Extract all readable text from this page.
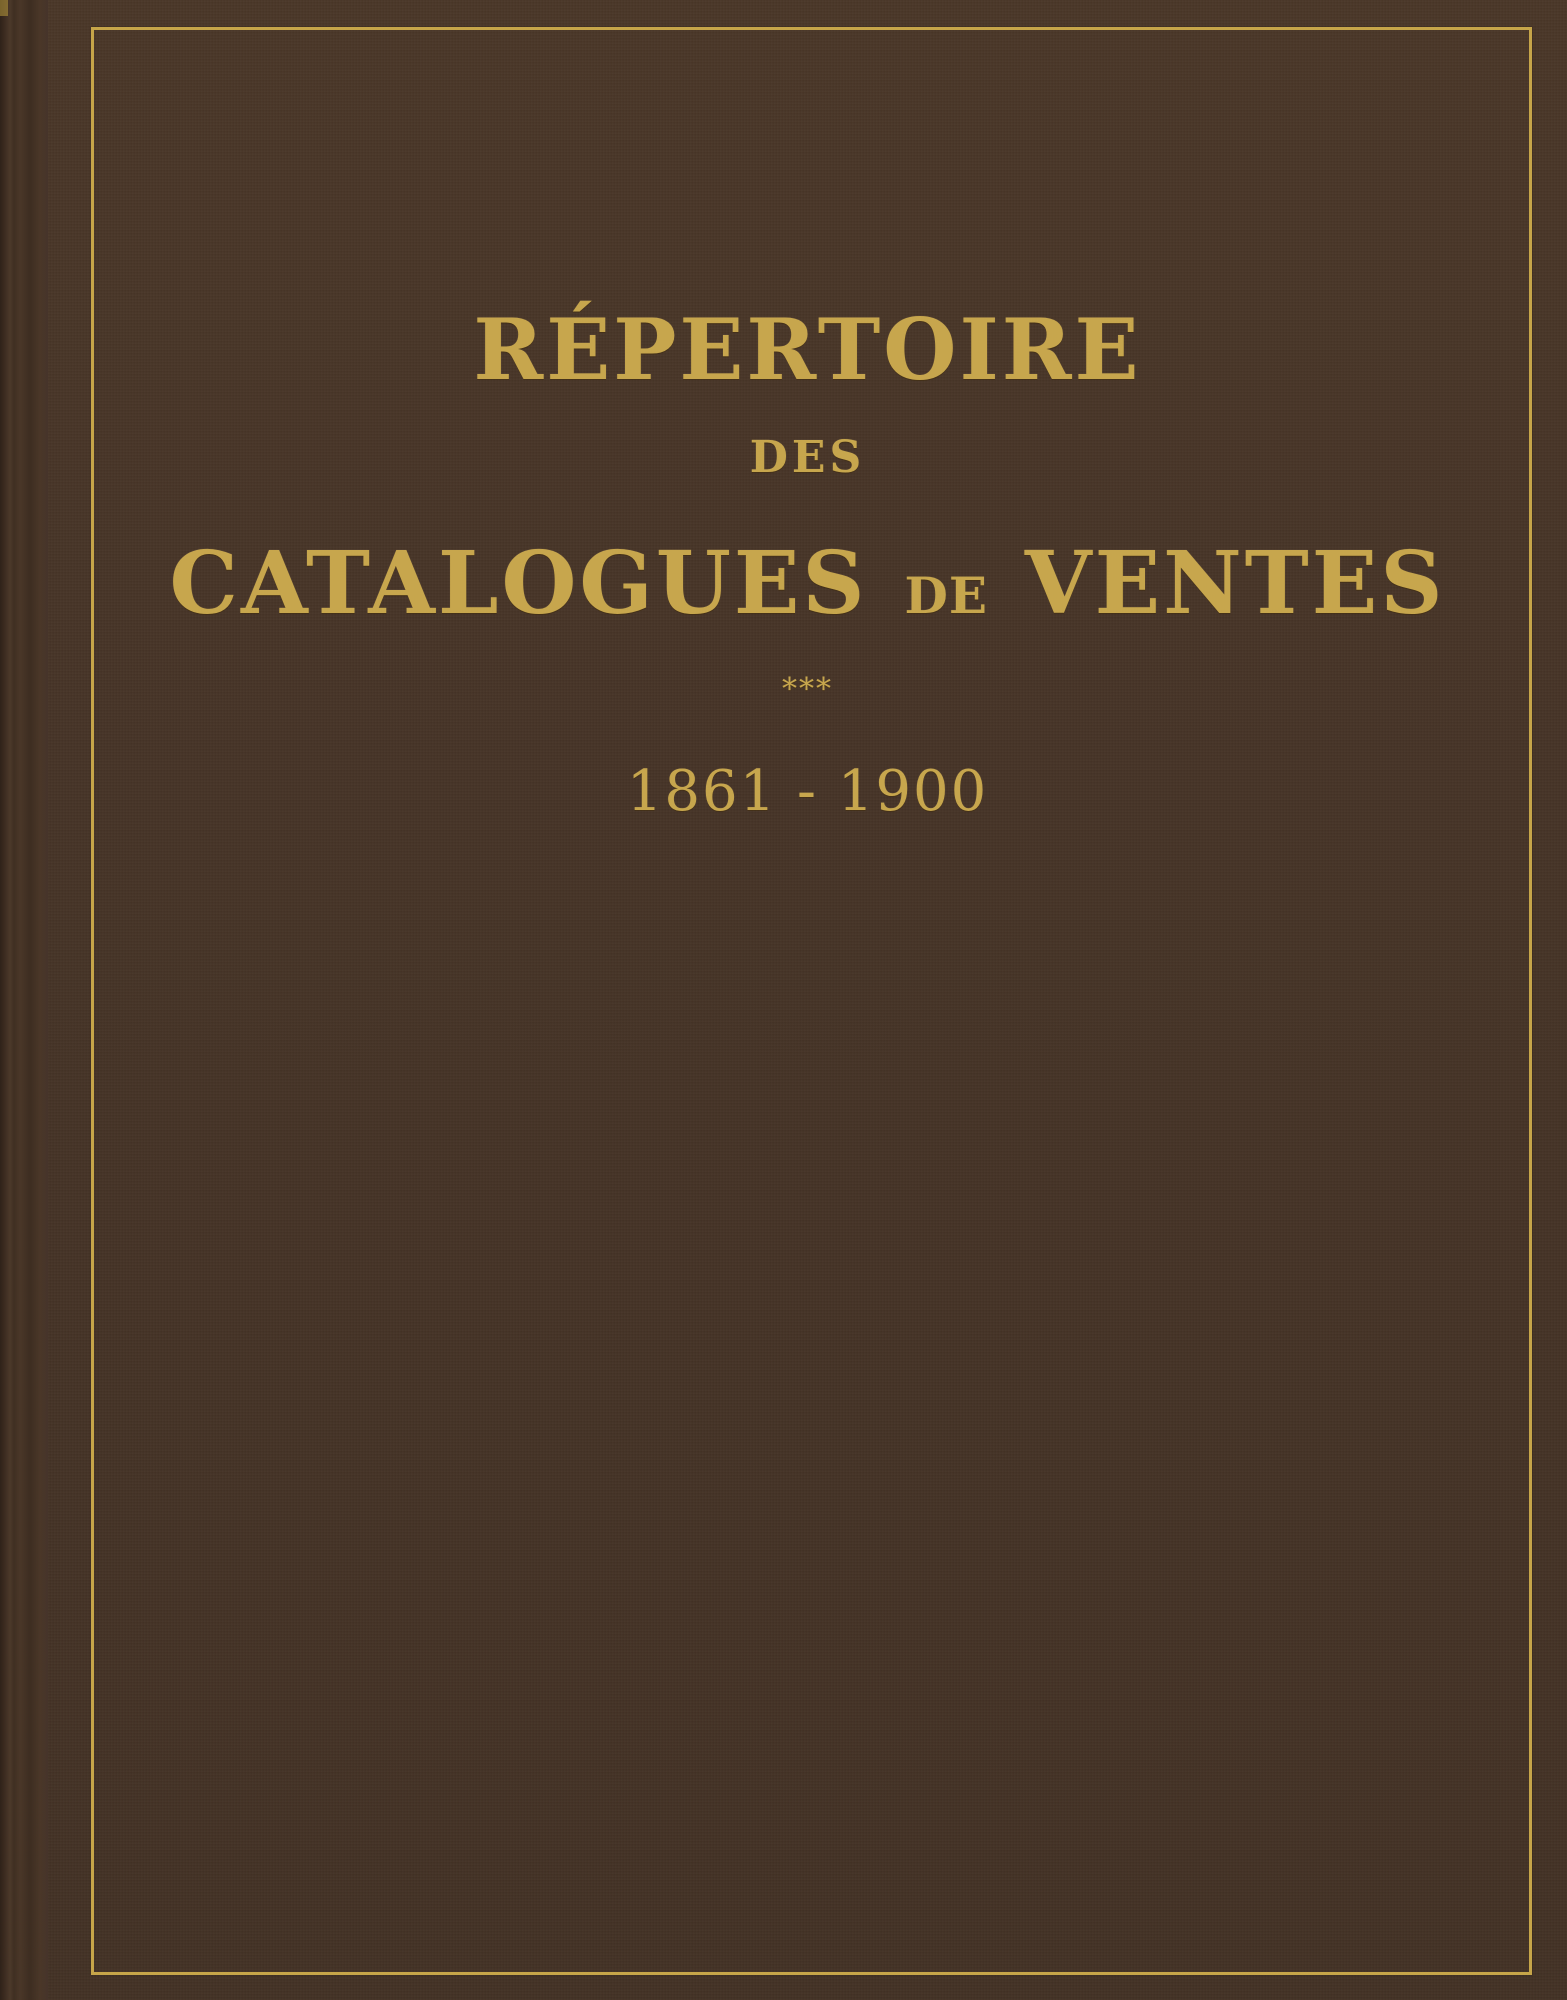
RÉPERTOIRE
DES
CATALOGUES DE VENTES
***
1861 - 1900
